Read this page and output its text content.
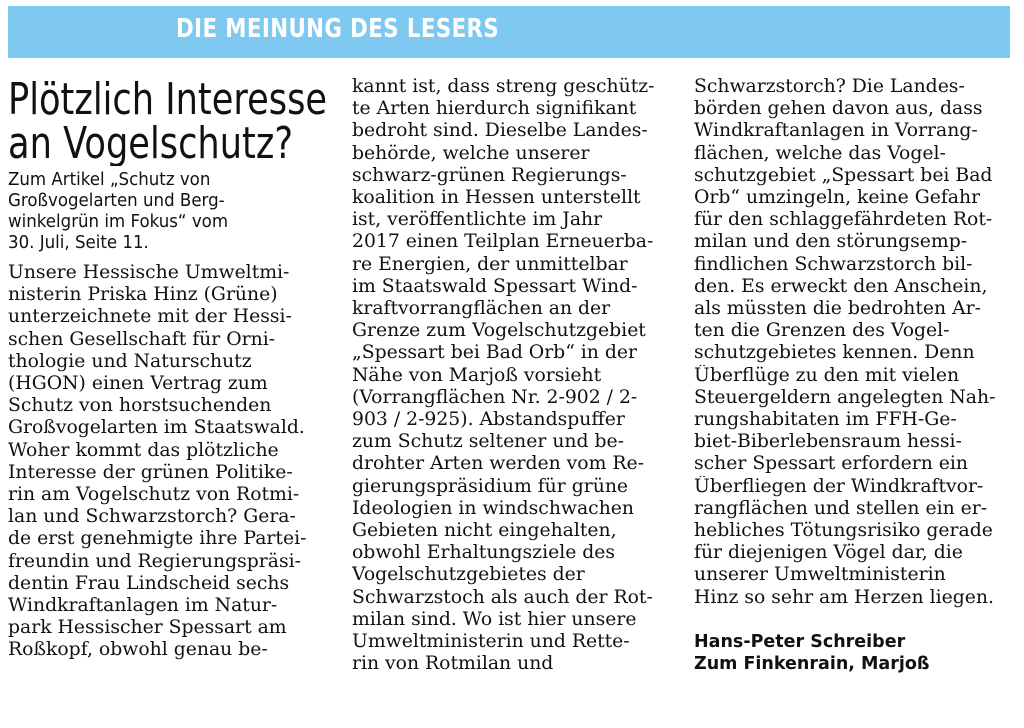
DIE MEINUNG DES LESERS
Plötzlich Interesse
an Vogelschutz?
Zum Artikel „Schutz von
Großvogelarten und Berg-
winkelgrün im Fokus“ vom
30. Juli, Seite 11.
Unsere Hessische Umweltmi-
nisterin Priska Hinz (Grüne)
unterzeichnete mit der Hessi-
schen Gesellschaft für Orni-
thologie und Naturschutz
(HGON) einen Vertrag zum
Schutz von horstsuchenden
Großvogelarten im Staatswald.
Woher kommt das plötzliche
Interesse der grünen Politike-
rin am Vogelschutz von Rotmi-
lan und Schwarzstorch? Gera-
de erst genehmigte ihre Partei-
freundin und Regierungspräsi-
dentin Frau Lindscheid sechs
Windkraftanlagen im Natur-
park Hessischer Spessart am
Roßkopf, obwohl genau be-
kannt ist, dass streng geschütz-
te Arten hierdurch signifikant
bedroht sind. Dieselbe Landes-
behörde, welche unserer
schwarz-grünen Regierungs-
koalition in Hessen unterstellt
ist, veröffentlichte im Jahr
2017 einen Teilplan Erneuerba-
re Energien, der unmittelbar
im Staatswald Spessart Wind-
kraftvorrangflächen an der
Grenze zum Vogelschutzgebiet
„Spessart bei Bad Orb“ in der
Nähe von Marjoß vorsieht
(Vorrangflächen Nr. 2-902 / 2-
903 / 2-925). Abstandspuffer
zum Schutz seltener und be-
drohter Arten werden vom Re-
gierungspräsidium für grüne
Ideologien in windschwachen
Gebieten nicht eingehalten,
obwohl Erhaltungsziele des
Vogelschutzgebietes der
Schwarzstoch als auch der Rot-
milan sind. Wo ist hier unsere
Umweltministerin und Rette-
rin von Rotmilan und
Schwarzstorch? Die Landes-
börden gehen davon aus, dass
Windkraftanlagen in Vorrang-
flächen, welche das Vogel-
schutzgebiet „Spessart bei Bad
Orb“ umzingeln, keine Gefahr
für den schlaggefährdeten Rot-
milan und den störungsemp-
findlichen Schwarzstorch bil-
den. Es erweckt den Anschein,
als müssten die bedrohten Ar-
ten die Grenzen des Vogel-
schutzgebietes kennen. Denn
Überflüge zu den mit vielen
Steuergeldern angelegten Nah-
rungshabitaten im FFH-Ge-
biet-Biberlebensraum hessi-
scher Spessart erfordern ein
Überfliegen der Windkraftvor-
rangflächen und stellen ein er-
hebliches Tötungsrisiko gerade
für diejenigen Vögel dar, die
unserer Umweltministerin
Hinz so sehr am Herzen liegen.
Hans-Peter Schreiber
Zum Finkenrain, Marjoß
